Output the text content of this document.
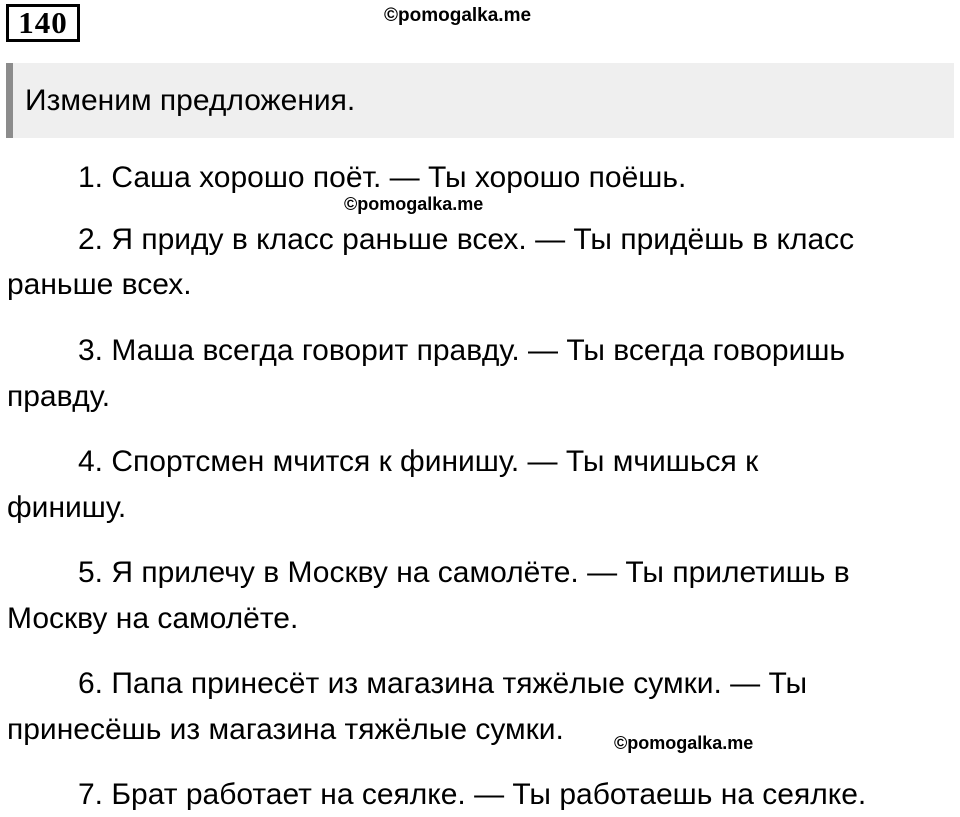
140	©pomogalka.me
Изменим предложения.
1. Саша хорошо поёт. — Ты хорошо поёшь.
©pomogalka.me
2. Я приду в класс раньше всех. — Ты придёшь в класс
раньше всех.
3. Маша всегда говорит правду. — Ты всегда говоришь
правду.
4. Спортсмен мчится к финишу. — Ты мчишься к
финишу.
5. Я прилечу в Москву на самолёте. — Ты прилетишь в
Москву на самолёте.
6. Папа принесёт из магазина тяжёлые сумки. — Ты
принесёшь из магазина тяжёлые сумки.	©pomogalka.me
7. Брат работает на сеялке. — Ты работаешь на сеялке.
